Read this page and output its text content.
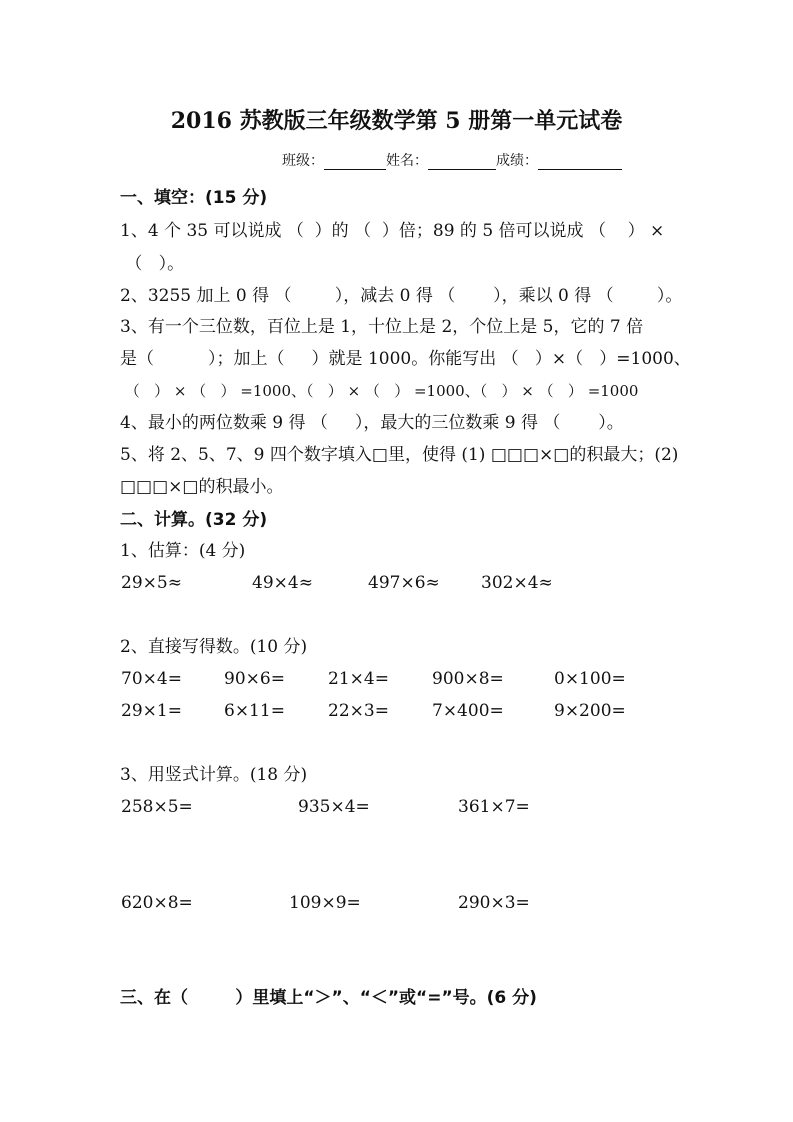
2016 苏教版三年级数学第 5 册第一单元试卷
班级：	姓名：	成绩：
一、填空：(15 分)
1、4 个 35 可以说成 （  ）的 （  ）倍；89 的 5 倍可以说成 （    ） ×
（   ）。
2、3255 加上 0 得 （        ），减去 0 得 （       ），乘以 0 得 （        ）。
3、有一个三位数，百位上是 1，十位上是 2，个位上是 5，它的 7 倍
是（          ）；加上（     ）就是 1000。你能写出 （   ）×（   ）=1000、
（   ） × （   ） =1000、（   ） × （   ） =1000、（   ） × （   ） =1000
4、最小的两位数乘 9 得 （     ），最大的三位数乘 9 得 （       ）。
5、将 2、5、7、9 四个数字填入□里，使得 (1) □□□×□的积最大；(2)
□□□×□的积最小。
二、计算。(32 分)
1、估算：(4 分)
29×5≈	49×4≈	497×6≈ 302×4≈
2、直接写得数。(10 分)
70×4= 90×6=	21×4=	900×8=	0×100=
29×1= 6×11=	22×3=	7×400=	9×200=
3、用竖式计算。(18 分)
258×5=	935×4=	361×7=
620×8=	109×9=	290×3=
三、在（        ）里填上“＞”、“＜”或“=”号。(6 分)
